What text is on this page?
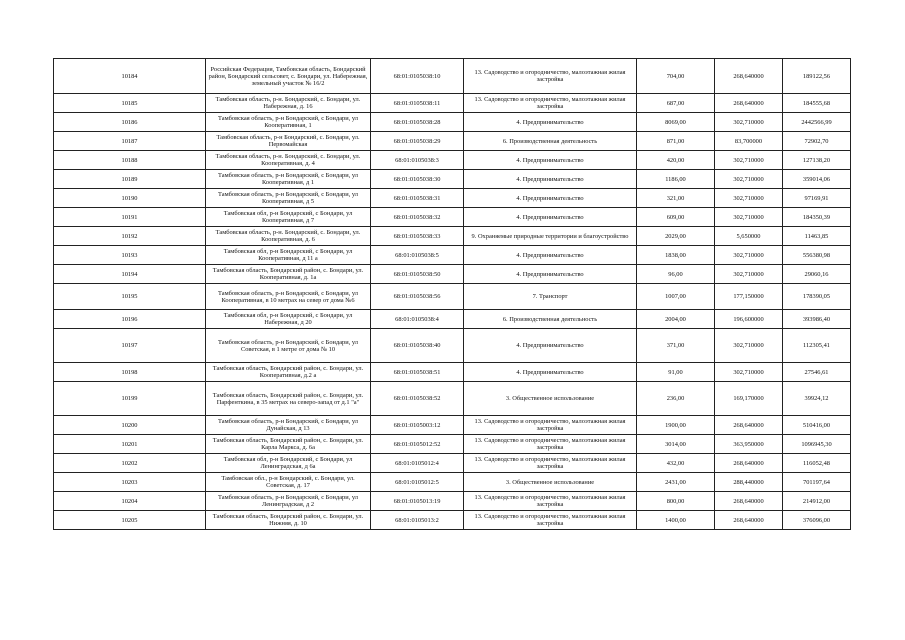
10184	Российская Федерация, Тамбовская область, Бондарский район, Бондарский сельсовет, с. Бондари, ул. Набережная, земельный участок № 16/2	68:01:0105038:10	13. Садоводство и огородничество, малоэтажная жилая застройка	704,00	268,640000	189122,56
10185	Тамбовская область, р-н. Бондарский, с. Бондари, ул. Набережная, д. 16	68:01:0105038:11	13. Садоводство и огородничество, малоэтажная жилая застройка	687,00	268,640000	184555,68
10186	Тамбовская область, р-н Бондарский, с Бондари, ул Кооперативная, 1	68:01:0105038:28	4. Предпринимательство	8069,00	302,710000	2442566,99
10187	Тамбовская область, р-н Бондарский, с. Бондари, ул. Первомайская	68:01:0105038:29	6. Производственная деятельность	871,00	83,700000	72902,70
10188	Тамбовская область, р-н. Бондарский, с. Бондари, ул. Кооперативная, д. 4	68:01:0105038:3	4. Предпринимательство	420,00	302,710000	127138,20
10189	Тамбовская область, р-н Бондарский, с Бондари, ул Кооперативная, д 1	68:01:0105038:30	4. Предпринимательство	1186,00	302,710000	359014,06
10190	Тамбовская область, р-н Бондарский, с Бондари, ул Кооперативная, д 5	68:01:0105038:31	4. Предпринимательство	321,00	302,710000	97169,91
10191	Тамбовская обл, р-н Бондарский, с Бондари, ул Кооперативная, д 7	68:01:0105038:32	4. Предпринимательство	609,00	302,710000	184350,39
10192	Тамбовская область, р-н. Бондарский, с. Бондари, ул. Кооперативная, д. 6	68:01:0105038:33	9. Охраняемые природные территории и благоустройство	2029,00	5,650000	11463,85
10193	Тамбовская обл, р-н Бондарский, с Бондари, ул Кооперативная, д 11 а	68:01:0105038:5	4. Предпринимательство	1838,00	302,710000	556380,98
10194	Тамбовская область, Бондарский район, с. Бондари, ул. Кооперативная, д. 1а	68:01:0105038:50	4. Предпринимательство	96,00	302,710000	29060,16
10195	Тамбовская область, р-н Бондарский, с Бондари, ул Кооперативная, в 10 метрах на север от дома №6	68:01:0105038:56	7. Транспорт	1007,00	177,150000	178390,05
10196	Тамбовская обл, р-н Бондарский, с Бондари, ул Набережная, д 20	68:01:0105038:4	6. Производственная деятельность	2004,00	196,600000	393986,40
10197	Тамбовская область, р-н Бондарский, с Бондари, ул Советская, в 1 метре от дома № 10	68:01:0105038:40	4. Предпринимательство	371,00	302,710000	112305,41
10198	Тамбовская область, Бондарский район, с. Бондари, ул. Кооперативная, д.2 а	68:01:0105038:51	4. Предпринимательство	91,00	302,710000	27546,61
10199	Тамбовская область, Бондарский район, с. Бондари, ул. Парфенткина, в 35 метрах на северо-запад от д.1 "а"	68:01:0105038:52	3. Общественное использование	236,00	169,170000	39924,12
10200	Тамбовская область, р-н Бондарский, с Бондари, ул Дунайская, д 13	68:01:0105003:12	13. Садоводство и огородничество, малоэтажная жилая застройка	1900,00	268,640000	510416,00
10201	Тамбовская область, Бондарский район, с. Бондари, ул. Карла Маркса, д. 6а	68:01:0105012:52	13. Садоводство и огородничество, малоэтажная жилая застройка	3014,00	363,950000	1096945,30
10202	Тамбовская обл, р-н Бондарский, с Бондари, ул Ленинградская, д 6а	68:01:0105012:4	13. Садоводство и огородничество, малоэтажная жилая застройка	432,00	268,640000	116052,48
10203	Тамбовская обл., р-н Бондарский, с. Бондари, ул. Советская, д. 17	68:01:0105012:5	3. Общественное использование	2431,00	288,440000	701197,64
10204	Тамбовская область, р-н Бондарский, с Бондари, ул Ленинградская, д 2	68:01:0105013:19	13. Садоводство и огородничество, малоэтажная жилая застройка	800,00	268,640000	214912,00
10205	Тамбовская область, Бондарский район, с. Бондари, ул. Нижняя, д. 10	68:01:0105013:2	13. Садоводство и огородничество, малоэтажная жилая застройка	1400,00	268,640000	376096,00
